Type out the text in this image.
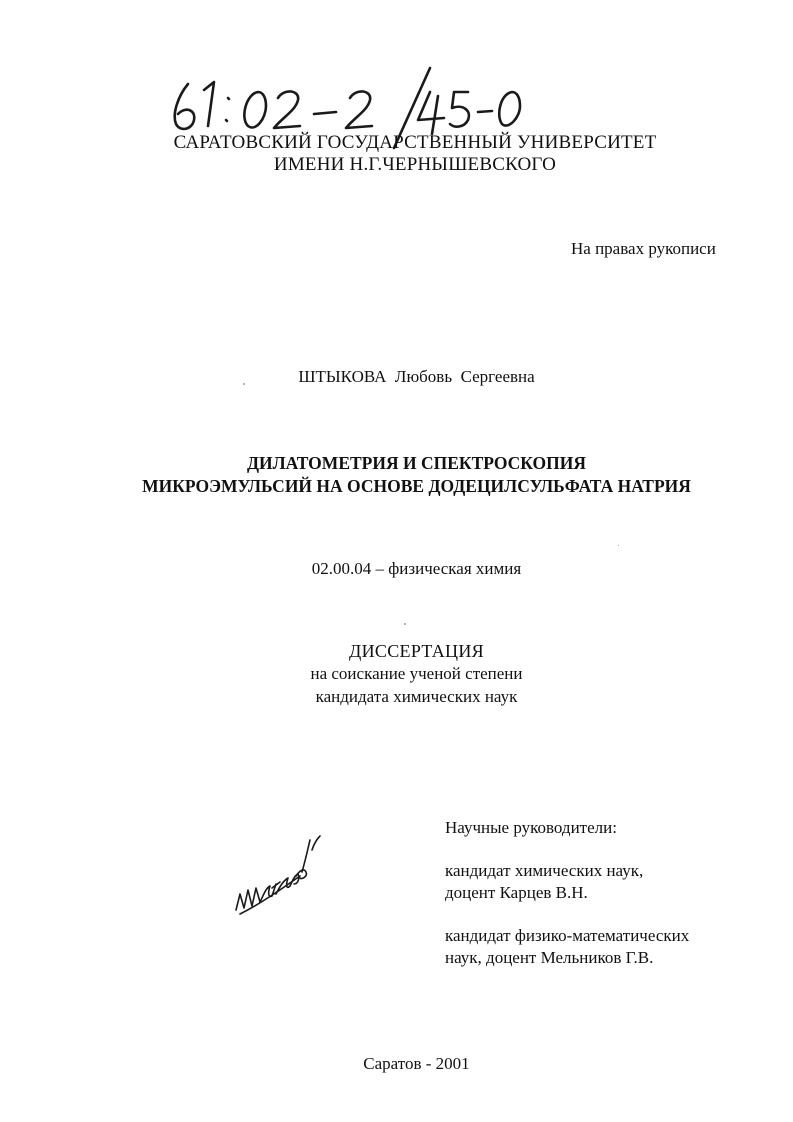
САРАТОВСКИЙ ГОСУДАРСТВЕННЫЙ УНИВЕРСИТЕТ
ИМЕНИ Н.Г.ЧЕРНЫШЕВСКОГО
На правах рукописи
ШТЫКОВА  Любовь  Сергеевна
ДИЛАТОМЕТРИЯ И СПЕКТРОСКОПИЯ
МИКРОЭМУЛЬСИЙ НА ОСНОВЕ ДОДЕЦИЛСУЛЬФАТА НАТРИЯ
02.00.04 – физическая химия
ДИССЕРТАЦИЯ
на соискание ученой степени
кандидата химических наук
Научные руководители:
кандидат химических наук,
доцент Карцев В.Н.
кандидат физико-математических
наук, доцент Мельников Г.В.
Саратов - 2001
